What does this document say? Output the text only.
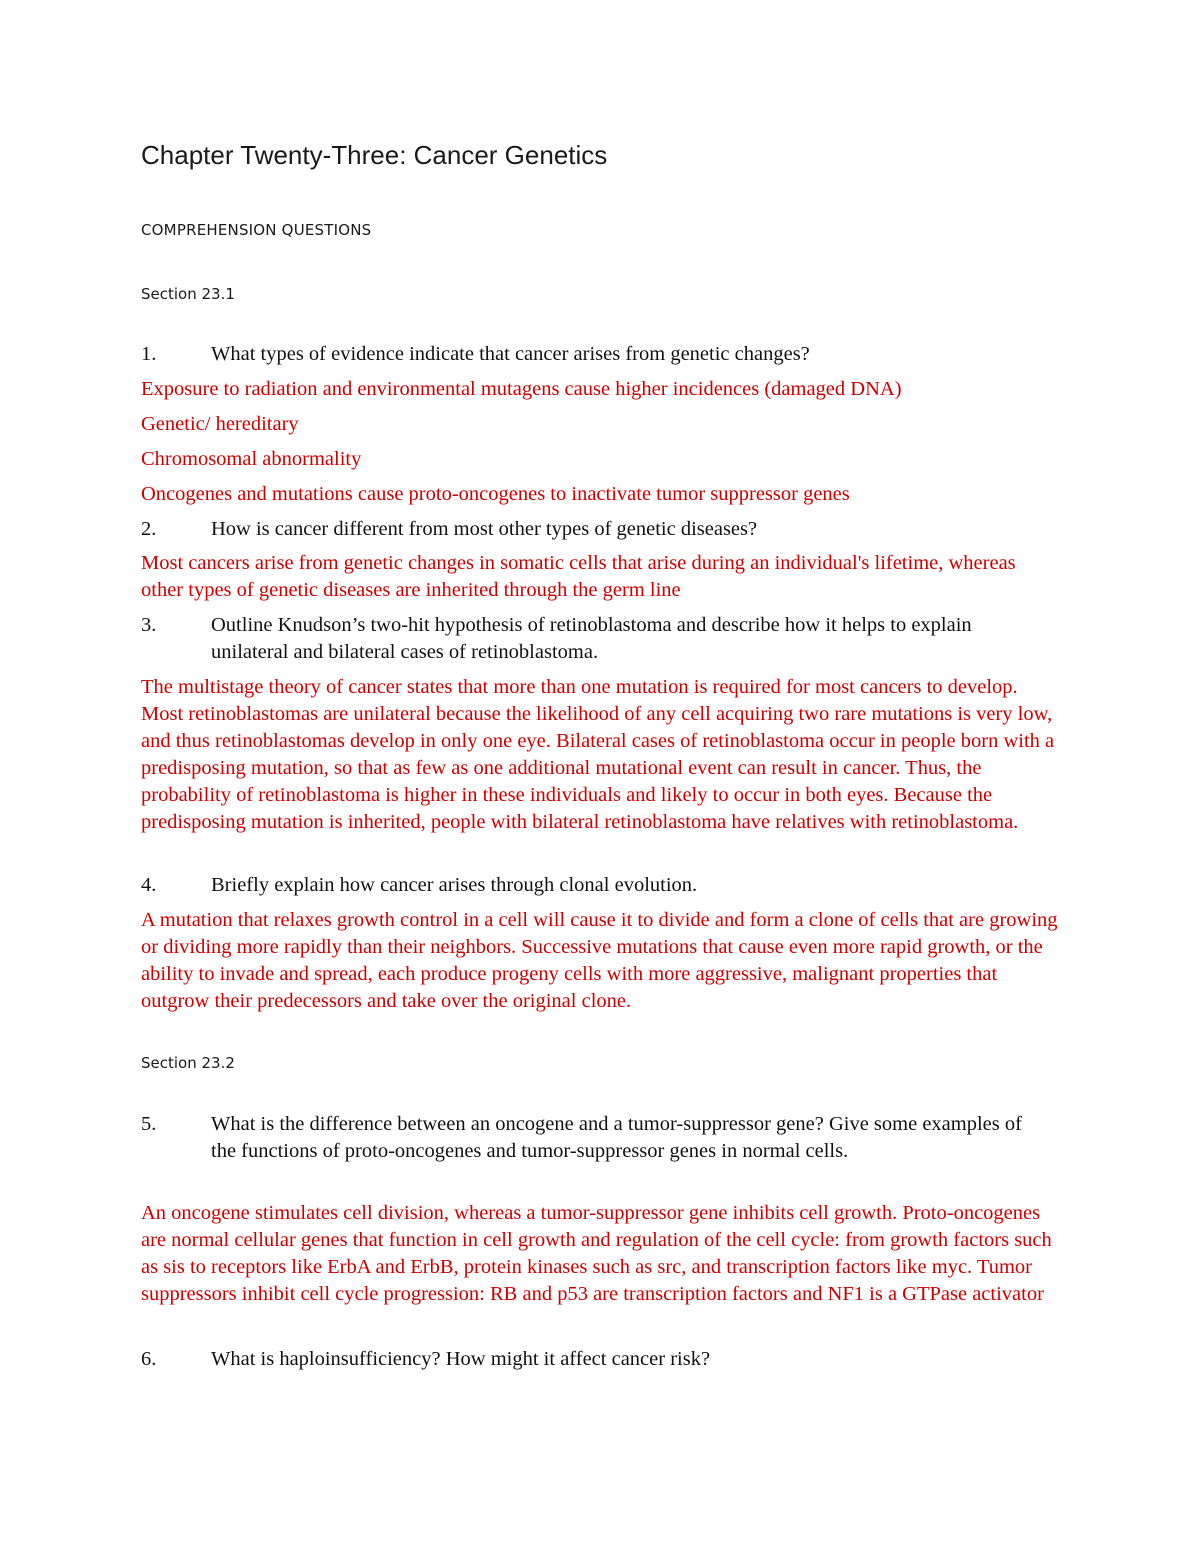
Chapter Twenty-Three: Cancer Genetics
COMPREHENSION QUESTIONS
Section 23.1
1.	What types of evidence indicate that cancer arises from genetic changes?
Exposure to radiation and environmental mutagens cause higher incidences (damaged DNA)
Genetic/ hereditary
Chromosomal abnormality
Oncogenes and mutations cause proto-oncogenes to inactivate tumor suppressor genes
2.	How is cancer different from most other types of genetic diseases?
Most cancers arise from genetic changes in somatic cells that arise during an individual's lifetime, whereas other types of genetic diseases are inherited through the germ line
3.	Outline Knudson’s two-hit hypothesis of retinoblastoma and describe how it helps to explain unilateral and bilateral cases of retinoblastoma.
The multistage theory of cancer states that more than one mutation is required for most cancers to develop. Most retinoblastomas are unilateral because the likelihood of any cell acquiring two rare mutations is very low, and thus retinoblastomas develop in only one eye. Bilateral cases of retinoblastoma occur in people born with a predisposing mutation, so that as few as one additional mutational event can result in cancer. Thus, the probability of retinoblastoma is higher in these individuals and likely to occur in both eyes. Because the predisposing mutation is inherited, people with bilateral retinoblastoma have relatives with retinoblastoma.
4.	Briefly explain how cancer arises through clonal evolution.
A mutation that relaxes growth control in a cell will cause it to divide and form a clone of cells that are growing or dividing more rapidly than their neighbors. Successive mutations that cause even more rapid growth, or the ability to invade and spread, each produce progeny cells with more aggressive, malignant properties that outgrow their predecessors and take over the original clone.
Section 23.2
5.	What is the difference between an oncogene and a tumor-suppressor gene? Give some examples of the functions of proto-oncogenes and tumor-suppressor genes in normal cells.
An oncogene stimulates cell division, whereas a tumor-suppressor gene inhibits cell growth. Proto-oncogenes are normal cellular genes that function in cell growth and regulation of the cell cycle: from growth factors such as sis to receptors like ErbA and ErbB, protein kinases such as src, and transcription factors like myc. Tumor suppressors inhibit cell cycle progression: RB and p53 are transcription factors and NF1 is a GTPase activator
6.	What is haploinsufficiency? How might it affect cancer risk?
